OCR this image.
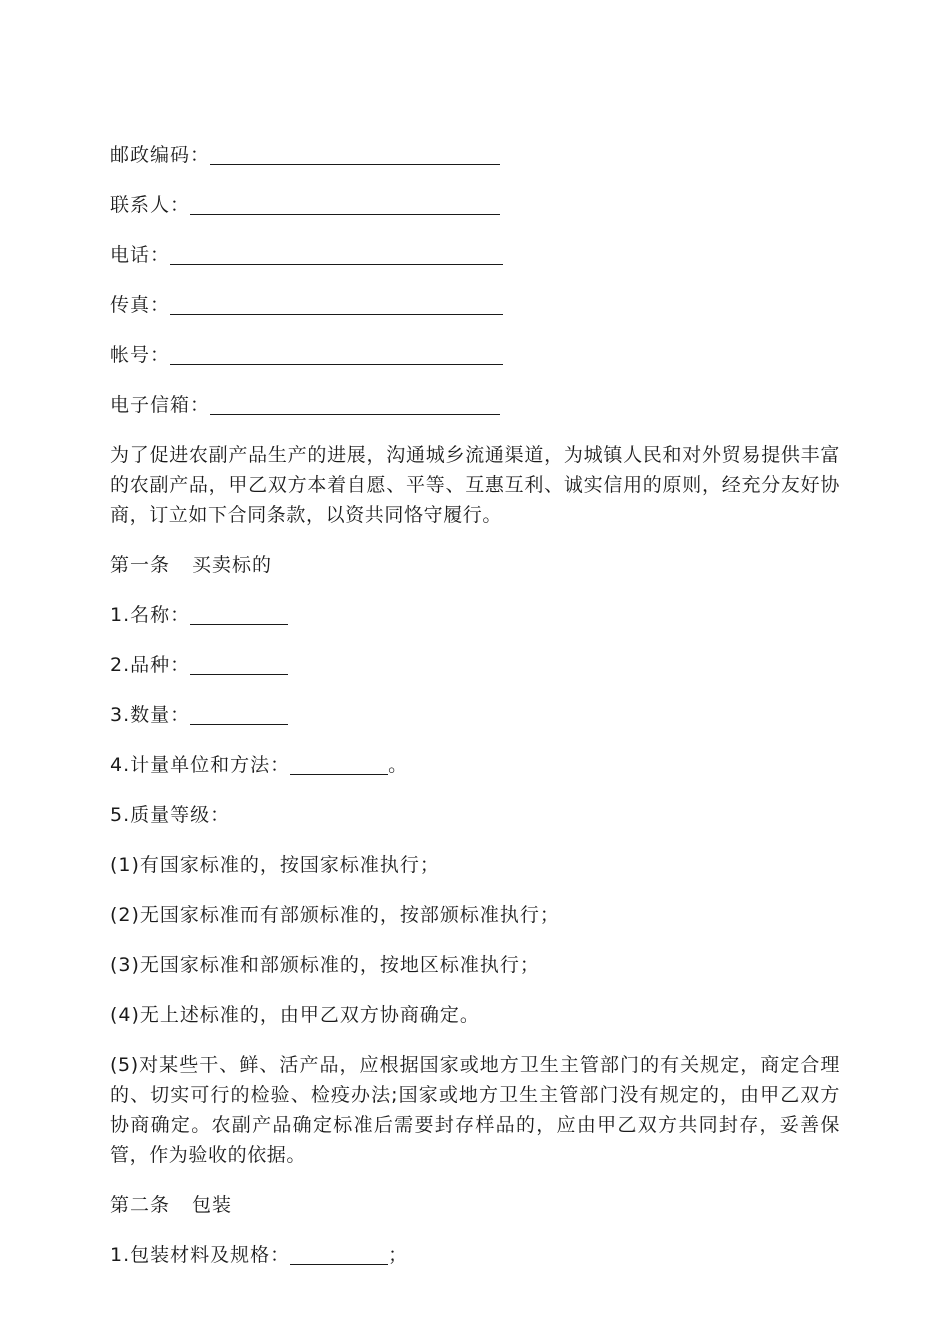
邮政编码：
联系人：
电话：
传真：
帐号：
电子信箱：
为了促进农副产品生产的进展，沟通城乡流通渠道，为城镇人民和对外贸易提供丰富的农副产品，甲乙双方本着自愿、平等、互惠互利、诚实信用的原则，经充分友好协商，订立如下合同条款，以资共同恪守履行。
第一条 买卖标的
1.名称：
2.品种：
3.数量：
4.计量单位和方法：	。
5.质量等级：
(1)有国家标准的，按国家标准执行；
(2)无国家标准而有部颁标准的，按部颁标准执行；
(3)无国家标准和部颁标准的，按地区标准执行；
(4)无上述标准的，由甲乙双方协商确定。
(5)对某些干、鲜、活产品，应根据国家或地方卫生主管部门的有关规定，商定合理的、切实可行的检验、检疫办法;国家或地方卫生主管部门没有规定的，由甲乙双方协商确定。农副产品确定标准后需要封存样品的，应由甲乙双方共同封存，妥善保管，作为验收的依据。
第二条 包装
1.包装材料及规格：	；
